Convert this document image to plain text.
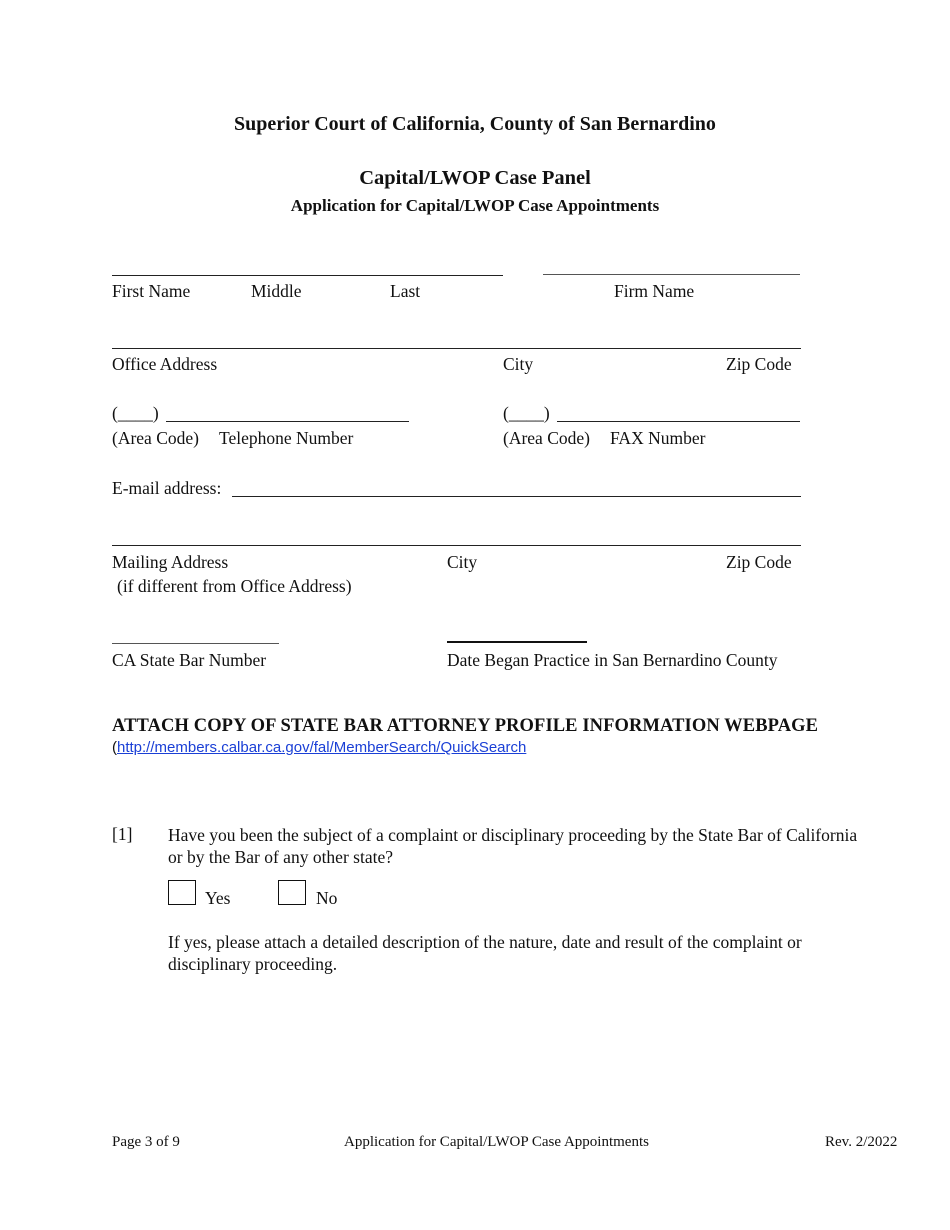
Superior Court of California, County of San Bernardino
Capital/LWOP Case Panel
Application for Capital/LWOP Case Appointments
First Name	Middle	Last	Firm Name
Office Address	City	Zip Code
(____)	(____)
(Area Code) Telephone Number	(Area Code) FAX Number
E-mail address:
Mailing Address	City	Zip Code
(if different from Office Address)
CA State Bar Number	Date Began Practice in San Bernardino County
ATTACH COPY OF STATE BAR ATTORNEY PROFILE INFORMATION WEBPAGE
(http://members.calbar.ca.gov/fal/MemberSearch/QuickSearch
[1] Have you been the subject of a complaint or disciplinary proceeding by the State Bar of California or by the Bar of any other state?
Yes	No
If yes, please attach a detailed description of the nature, date and result of the complaint or disciplinary proceeding.
Page 3 of 9	Application for Capital/LWOP Case Appointments	Rev. 2/2022
